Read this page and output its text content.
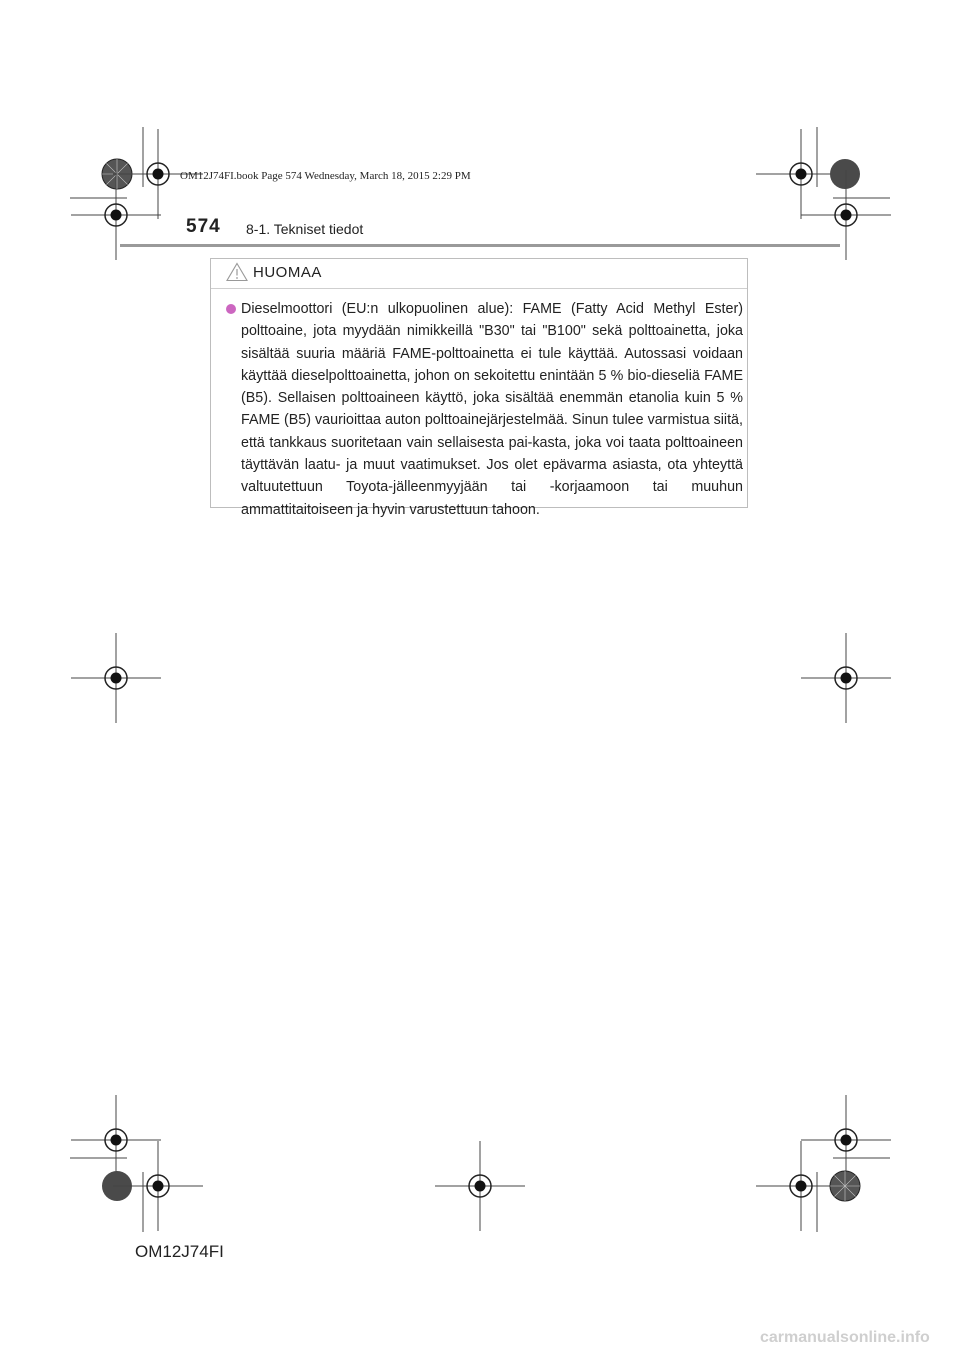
OM12J74FI.book Page 574 Wednesday, March 18, 2015 2:29 PM
574 8-1. Tekniset tiedot
HUOMAA
Dieselmoottori (EU:n ulkopuolinen alue): FAME (Fatty Acid Methyl Ester) polttoaine, jota myydään nimikkeillä "B30" tai "B100" sekä polttoainetta, joka sisältää suuria määriä FAME-polttoainetta ei tule käyttää. Autossasi voidaan käyttää dieselpolttoainetta, johon on sekoitettu enintään 5 % bio-dieseliä FAME (B5). Sellaisen polttoaineen käyttö, joka sisältää enemmän etanolia kuin 5 % FAME (B5) vaurioittaa auton polttoainejärjestelmää. Sinun tulee varmistua siitä, että tankkaus suoritetaan vain sellaisesta pai-kasta, joka voi taata polttoaineen täyttävän laatu- ja muut vaatimukset. Jos olet epävarma asiasta, ota yhteyttä valtuutettuun Toyota-jälleenmyyjään tai -korjaamoon tai muuhun ammattitaitoiseen ja hyvin varustettuun tahoon.
OM12J74FI
carmanualsonline.info
